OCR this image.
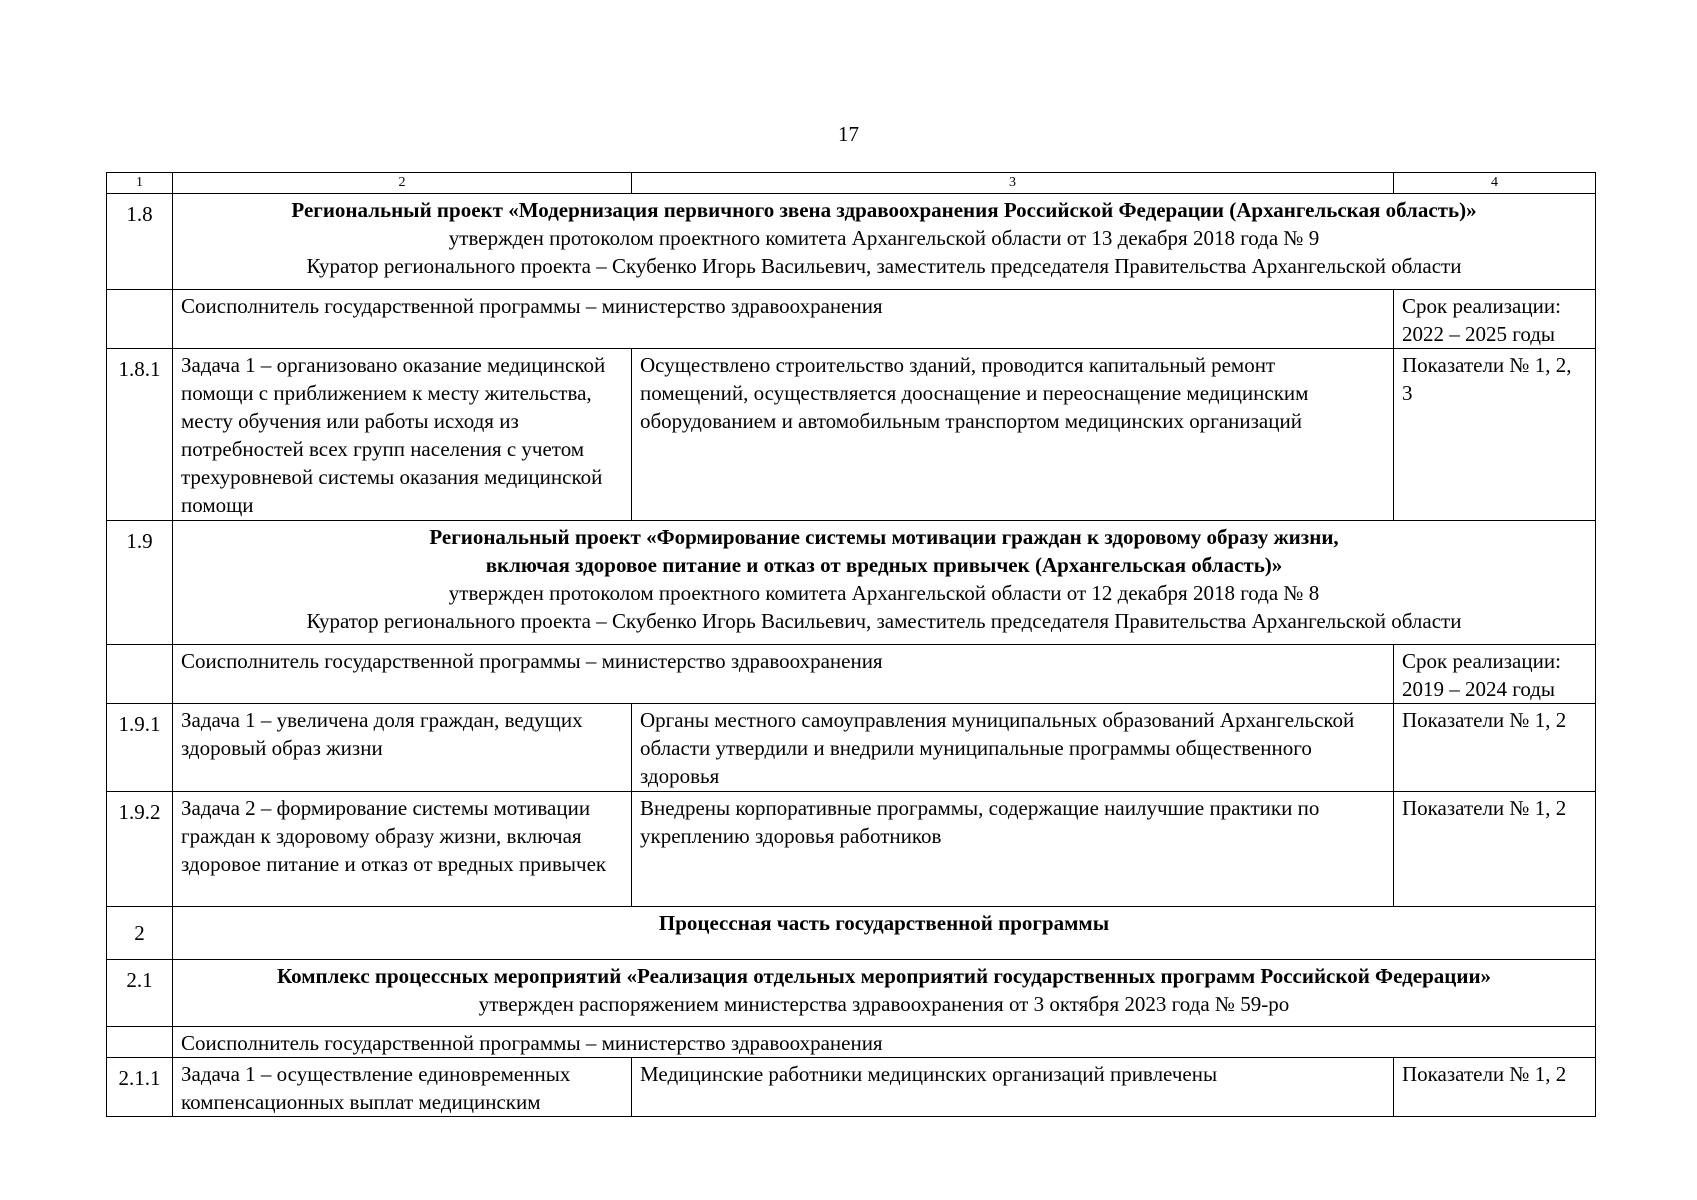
17
1	2	3	4
1.8	Региональный проект «Модернизация первичного звена здравоохранения Российской Федерации (Архангельская область)»
утвержден протоколом проектного комитета Архангельской области от 13 декабря 2018 года № 9
Куратор регионального проекта – Скубенко Игорь Васильевич, заместитель председателя Правительства Архангельской области		

	Соисполнитель государственной программы – министерство здравоохранения		Срок реализации: 2022 – 2025 годы
1.8.1	Задача 1 – организовано оказание медицинской помощи с приближением к месту жительства, месту обучения или работы исходя из потребностей всех групп населения с учетом трехуровневой системы оказания медицинской помощи	Осуществлено строительство зданий, проводится капитальный ремонт помещений, осуществляется дооснащение и переоснащение медицинским оборудованием и автомобильным транспортом медицинских организаций	Показатели № 1, 2, 3
1.9	Региональный проект «Формирование системы мотивации граждан к здоровому образу жизни,
включая здоровое питание и отказ от вредных привычек (Архангельская область)»
утвержден протоколом проектного комитета Архангельской области от 12 декабря 2018 года № 8
Куратор регионального проекта – Скубенко Игорь Васильевич, заместитель председателя Правительства Архангельской области		

	Соисполнитель государственной программы – министерство здравоохранения		Срок реализации: 2019 – 2024 годы
1.9.1	Задача 1 – увеличена доля граждан, ведущих здоровый образ жизни	Органы местного самоуправления муниципальных образований Архангельской области утвердили и внедрили муниципальные программы общественного здоровья	Показатели № 1, 2
1.9.2	Задача 2 – формирование системы мотивации граждан к здоровому образу жизни, включая здоровое питание и отказ от вредных привычек	Внедрены корпоративные программы, содержащие наилучшие практики по укреплению здоровья работников	Показатели № 1, 2
2	Процессная часть государственной программы		
2.1	Комплекс процессных мероприятий «Реализация отдельных мероприятий государственных программ Российской Федерации»
утвержден распоряжением министерства здравоохранения от 3 октября 2023 года № 59-ро		

	Соисполнитель государственной программы – министерство здравоохранения		
2.1.1	Задача 1 – осуществление единовременных компенсационных выплат медицинским	Медицинские работники медицинских организаций привлечены	Показатели № 1, 2
